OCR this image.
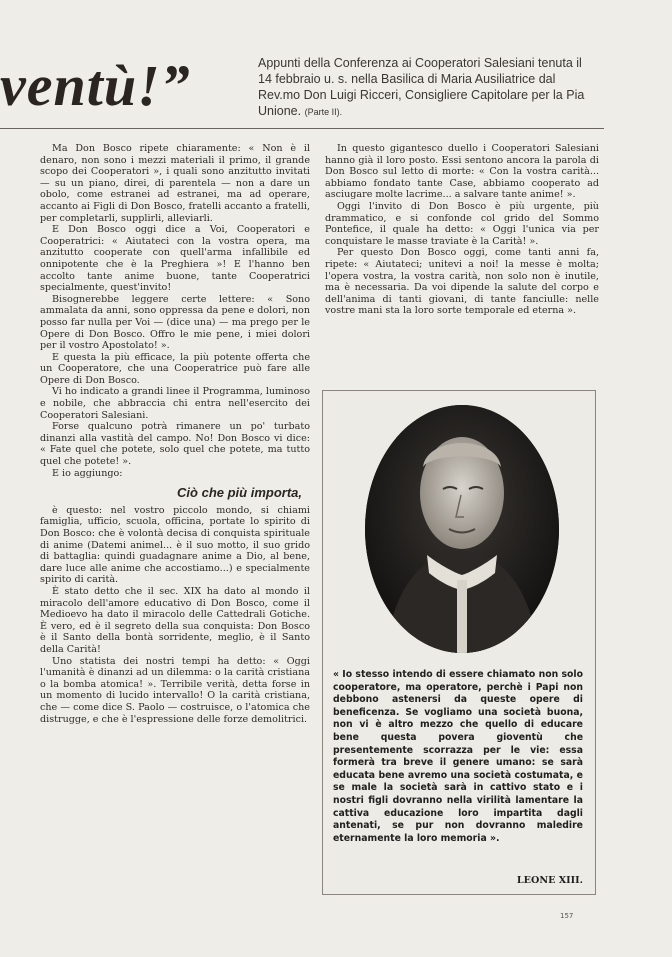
ventù!”	Appunti della Conferenza ai Cooperatori Salesiani tenuta il 14 febbraio u. s. nella Basilica di Maria Ausiliatrice dal Rev.mo Don Luigi Ricceri, Consigliere Capitolare per la Pia Unione. (Parte II).

Ma Don Bosco ripete chiaramente: « Non è il denaro, non sono i mezzi materiali il primo, il grande scopo dei Cooperatori », i quali sono anzitutto invitati — su un piano, direi, di parentela — non a dare un obolo, come estranei ad estranei, ma ad operare, accanto ai Figli di Don Bosco, fratelli accanto a fratelli, per completarli, supplirli, alleviarli.

E Don Bosco oggi dice a Voi, Cooperatori e Cooperatrici: « Aiutateci con la vostra opera, ma anzitutto cooperate con quell'arma infallibile ed onnipotente che è la Preghiera »! E l'hanno ben accolto tante anime buone, tante Cooperatrici specialmente, quest'invito!

Bisognerebbe leggere certe lettere: « Sono ammalata da anni, sono oppressa da pene e dolori, non posso far nulla per Voi — (dice una) — ma prego per le Opere di Don Bosco. Offro le mie pene, i miei dolori per il vostro Apostolato! ».

E questa la più efficace, la più potente offerta che un Cooperatore, che una Cooperatrice può fare alle Opere di Don Bosco.

Vi ho indicato a grandi linee il Programma, luminoso e nobile, che abbraccia chi entra nell'esercito dei Cooperatori Salesiani.

Forse qualcuno potrà rimanere un po' turbato dinanzi alla vastità del campo. No! Don Bosco vi dice: « Fate quel che potete, solo quel che potete, ma tutto quel che potete! ».

E io aggiungo:

Ciò che più importa,

è questo: nel vostro piccolo mondo, si chiami famiglia, ufficio, scuola, officina, portate lo spirito di Don Bosco: che è volontà decisa di conquista spirituale di anime (Datemi animel... è il suo motto, il suo grido di battaglia: quindi guadagnare anime a Dio, al bene, dare luce alle anime che accostiamo...) e specialmente spirito di carità.

È stato detto che il sec. XIX ha dato al mondo il miracolo dell'amore educativo di Don Bosco, come il Medioevo ha dato il miracolo delle Cattedrali Gotiche. È vero, ed è il segreto della sua conquista: Don Bosco è il Santo della bontà sorridente, meglio, è il Santo della Carità!

Uno statista dei nostri tempi ha detto: « Oggi l'umanità è dinanzi ad un dilemma: o la carità cristiana o la bomba atomica! ». Terribile verità, detta forse in un momento di lucido intervallo! O la carità cristiana, che — come dice S. Paolo — costruisce, o l'atomica che distrugge, e che è l'espressione delle forze demolitrici.

In questo gigantesco duello i Cooperatori Salesiani hanno già il loro posto. Essi sentono ancora la parola di Don Bosco sul letto di morte: « Con la vostra carità... abbiamo fondato tante Case, abbiamo cooperato ad asciugare molte lacrime... a salvare tante anime! ».

Oggi l'invito di Don Bosco è più urgente, più drammatico, e si confonde col grido del Sommo Pontefice, il quale ha detto: « Oggi l'unica via per conquistare le masse traviate è la Carità! ».

Per questo Don Bosco oggi, come tanti anni fa, ripete: « Aiutateci; unitevi a noi! la messe è molta; l'opera vostra, la vostra carità, non solo non è inutile, ma è necessaria. Da voi dipende la salute del corpo e dell'anima di tanti giovani, di tante fanciulle: nelle vostre mani sta la loro sorte temporale ed eterna ».

« Io stesso intendo di essere chiamato non solo cooperatore, ma operatore, perchè i Papi non debbono astenersi da queste opere di beneficenza. Se vogliamo una società buona, non vi è altro mezzo che quello di educare bene questa povera gioventù che presentemente scorrazza per le vie: essa formerà tra breve il genere umano: se sarà educata bene avremo una società costumata, e se male la società sarà in cattivo stato e i nostri figli dovranno nella virilità lamentare la cattiva educazione loro impartita dagli antenati, se pur non dovranno maledire eternamente la loro memoria ».
LEONE XIII.
157
